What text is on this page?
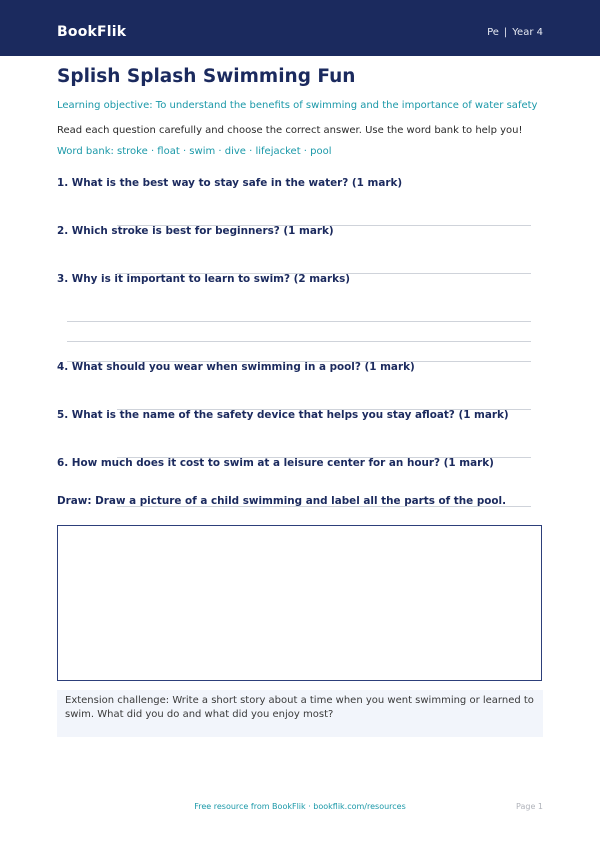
BookFlik	Pe | Year 4
Splish Splash Swimming Fun
Learning objective: To understand the benefits of swimming and the importance of water safety
Read each question carefully and choose the correct answer. Use the word bank to help you!
Word bank: stroke · float · swim · dive · lifejacket · pool
1. What is the best way to stay safe in the water? (1 mark)
2. Which stroke is best for beginners? (1 mark)
3. Why is it important to learn to swim? (2 marks)
4. What should you wear when swimming in a pool? (1 mark)
5. What is the name of the safety device that helps you stay afloat? (1 mark)
6. How much does it cost to swim at a leisure center for an hour? (1 mark)
Draw: Draw a picture of a child swimming and label all the parts of the pool.
Extension challenge: Write a short story about a time when you went swimming or learned to swim. What did you do and what did you enjoy most?
Free resource from BookFlik · bookflik.com/resources	Page 1
